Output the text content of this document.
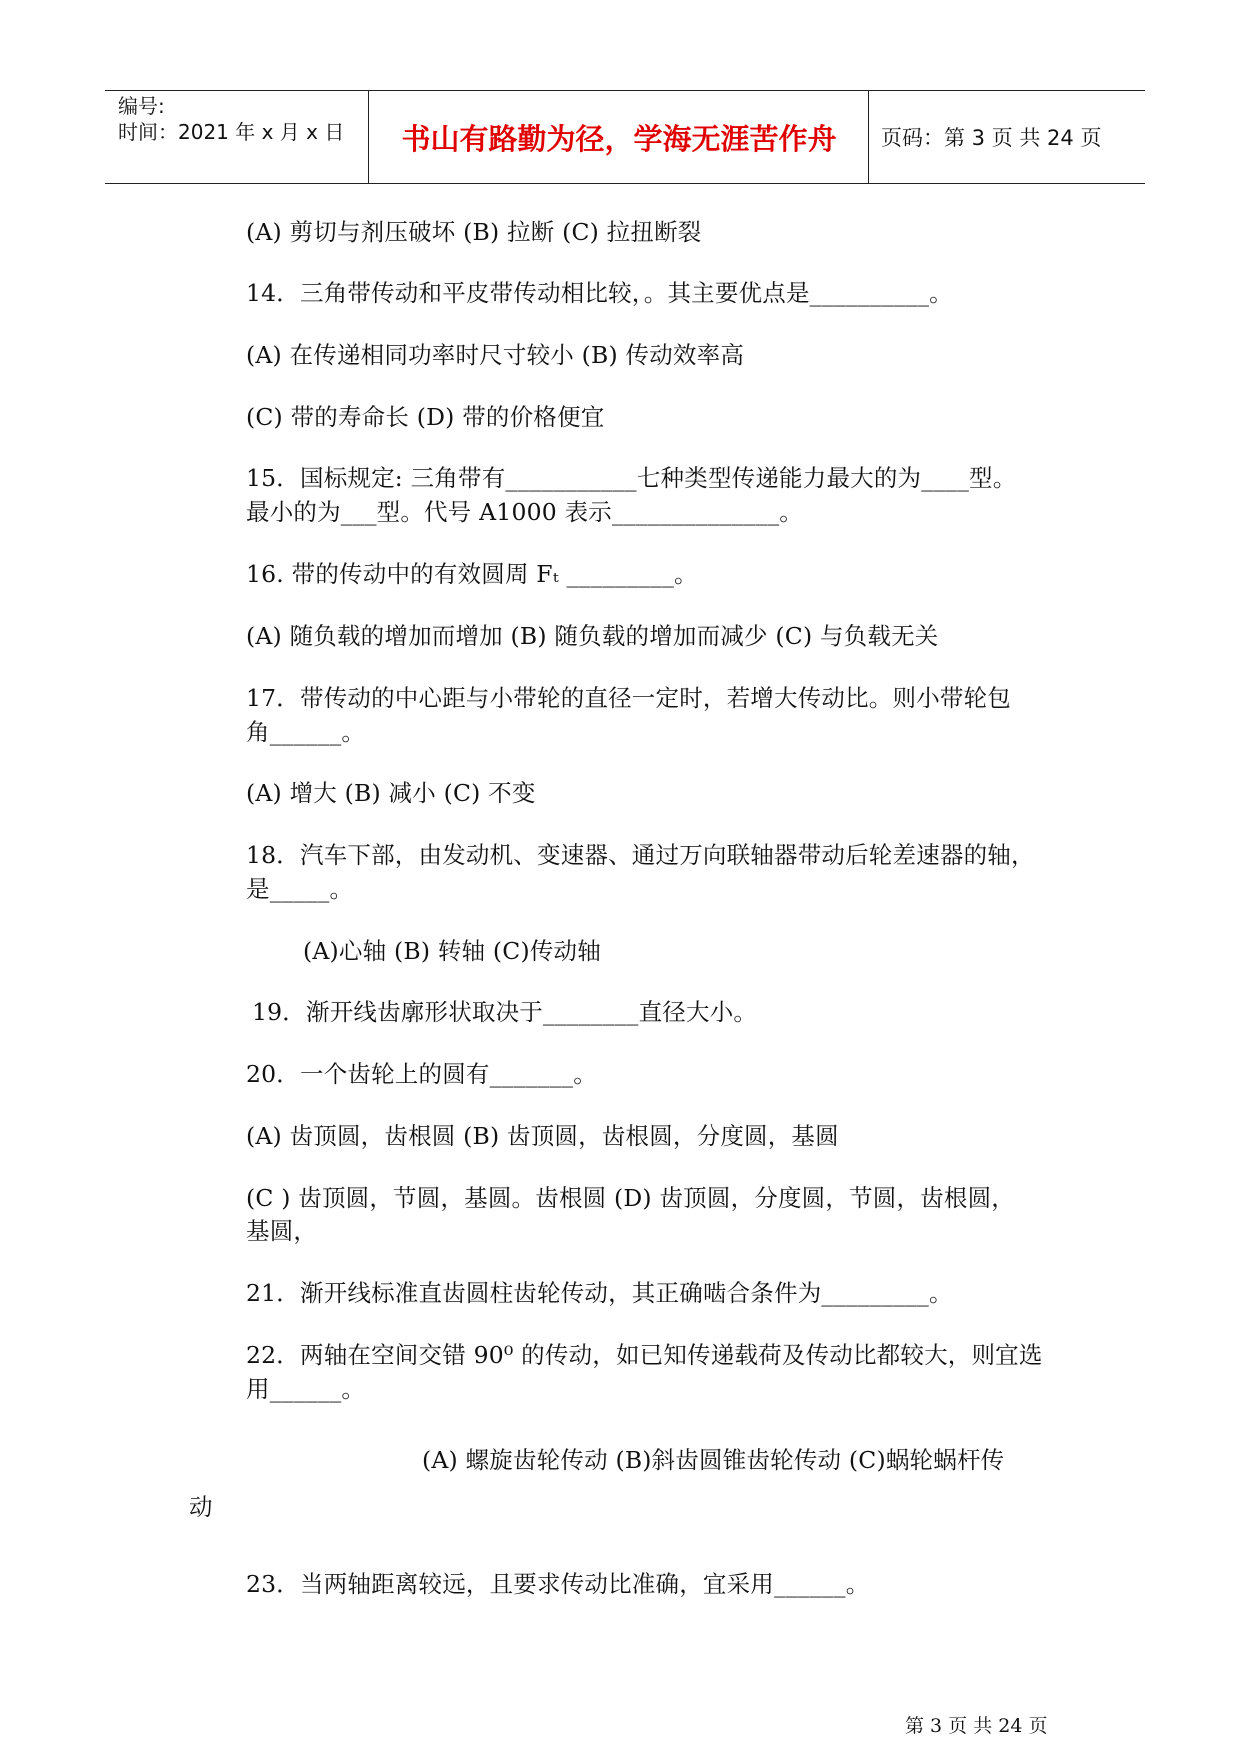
编号:
时间：2021 年 x 月 x 日	书山有路勤为径，学海无涯苦作舟	页码：第 3 页 共 24 页
(A) 剪切与剂压破坏 (B) 拉断 (C) 拉扭断裂
14．三角带传动和平皮带传动相比较，。其主要优点是__________。
(A) 在传递相同功率时尺寸较小 (B) 传动效率高
(C) 带的寿命长 (D) 带的价格便宜
15．国标规定: 三角带有___________七种类型传递能力最大的为____型。
最小的为___型。代号 A1000 表示______________。
16. 带的传动中的有效圆周 Fₜ _________。
(A) 随负载的增加而增加 (B) 随负载的增加而减少 (C) 与负载无关
17．带传动的中心距与小带轮的直径一定时，若增大传动比。则小带轮包
角______。
(A) 增大 (B) 减小 (C) 不变
18．汽车下部，由发动机、变速器、通过万向联轴器带动后轮差速器的轴，
是_____。
(A)心轴 (B) 转轴 (C)传动轴
19．渐开线齿廓形状取决于________直径大小。
20．一个齿轮上的圆有_______。
(A) 齿顶圆，齿根圆 (B) 齿顶圆，齿根圆，分度圆，基圆
(C ) 齿顶圆，节圆，基圆。齿根圆 (D) 齿顶圆，分度圆，节圆，齿根圆，
基圆，
21．渐开线标准直齿圆柱齿轮传动，其正确啮合条件为_________。
22．两轴在空间交错 90⁰ 的传动，如已知传递载荷及传动比都较大，则宜选
用______。
(A) 螺旋齿轮传动 (B)斜齿圆锥齿轮传动 (C)蜗轮蜗杆传
动
23．当两轴距离较远，且要求传动比准确，宜采用______。
第 3 页 共 24 页
